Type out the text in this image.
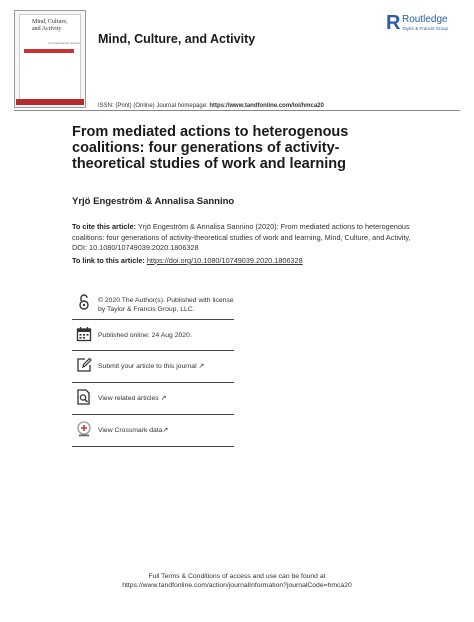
Mind, Culture, and Activity
An International Journal Mind, Culture, and Activity
R Routledge
Taylor & Francis Group
ISSN: (Print) (Online) Journal homepage: https://www.tandfonline.com/loi/hmca20
From mediated actions to heterogenous coalitions: four generations of activity-theoretical studies of work and learning
Yrjö Engeström & Annalisa Sannino
To cite this article: Yrjö Engeström & Annalisa Sannino (2020): From mediated actions to heterogenous coalitions: four generations of activity-theoretical studies of work and learning, Mind, Culture, and Activity, DOI: 10.1080/10749039.2020.1806328
To link to this article: https://doi.org/10.1080/10749039.2020.1806328
© 2020 The Author(s). Published with license by Taylor & Francis Group, LLC.
Published online: 24 Aug 2020.
Submit your article to this journal ↗
View related articles ↗
View Crossmark data↗
Full Terms & Conditions of access and use can be found at
https://www.tandfonline.com/action/journalInformation?journalCode=hmca20
